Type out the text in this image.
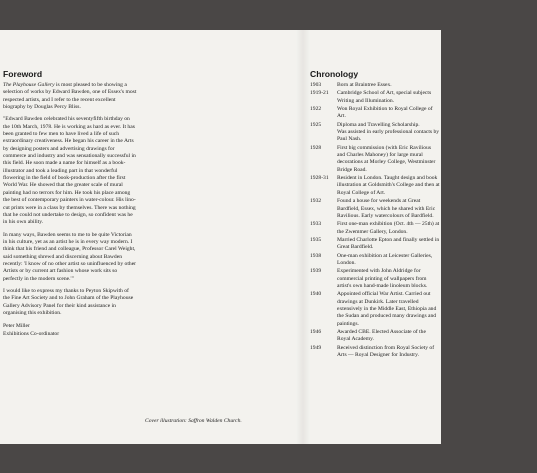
Foreword

The Playhouse Gallery is most pleased to be showing a selection of works by Edward Bawden, one of Essex's most respected artists, and I refer to the recent excellent biography by Douglas Percy Bliss.

"Edward Bawden celebrated his seventyfifth birthday on the 10th March, 1978. He is working as hard as ever. It has been granted to few men to have lived a life of such extraordinary creativeness. He began his career in the Arts by designing posters and advertising drawings for commerce and industry and was sensationally successful in this field. He soon made a name for himself as a book-illustrator and took a leading part in that wonderful flowering in the field of book-production after the first World War. He showed that the greater scale of mural painting had no terrors for him. He took his place among the best of contemporary painters in water-colour. His lino-cut prints were in a class by themselves. There was nothing that he could not undertake to design, so confident was he in his own ability.

In many ways, Bawden seems to me to be quite Victorian in his culture, yet as an artist he is in every way modern. I think that his friend and colleague, Professor Carel Weight, said something shrewd and discerning about Bawden recently: 'I know of no other artist so uninfluenced by other Artists or by current art fashion whose work sits so perfectly in the modern scene.'"

I would like to express my thanks to Peyton Skipwith of the Fine Art Society and to John Graham of the Playhouse Gallery Advisory Panel for their kind assistance in organising this exhibition.

Peter Miller
Exhibitions Co-ordinator
Cover illustration: Saffron Walden Church.
Chronology
1903	Born at Braintree Essex.
1919-21	Cambridge School of Art, special subjects Writing and Illumination.
1922	Won Royal Exhibition to Royal College of Art.
1925	Diploma and Travelling Scholarship.
Was assisted in early professional contacts by Paul Nash.
1928	First big commission (with Eric Ravilious and Charles Mahoney) for large mural decorations at Morley College, Westminster Bridge Road.
1928-31	Resident in London. Taught design and book illustration at Goldsmith's College and then at Royal College of Art.
1932	Found a house for weekends at Great Bardfield, Essex, which he shared with Eric Ravilious. Early watercolours of Bardfield.
1933	First one-man exhibition (Oct. 4th — 25th) at the Zwemmer Gallery, London.
1935	Married Charlotte Epton and finally settled in Great Bardfield.
1938	One-man exhibition at Leicester Galleries, London.
1939	Experimented with John Aldridge for commercial printing of wallpapers from artist's own hand-made linoleum blocks.
1940	Appointed official War Artist. Carried out drawings at Dunkirk. Later travelled extensively in the Middle East, Ethiopia and the Sudan and produced many drawings and paintings.
1946	Awarded CBE. Elected Associate of the Royal Academy.
1949	Received distinction from Royal Society of Arts — Royal Designer for Industry.
